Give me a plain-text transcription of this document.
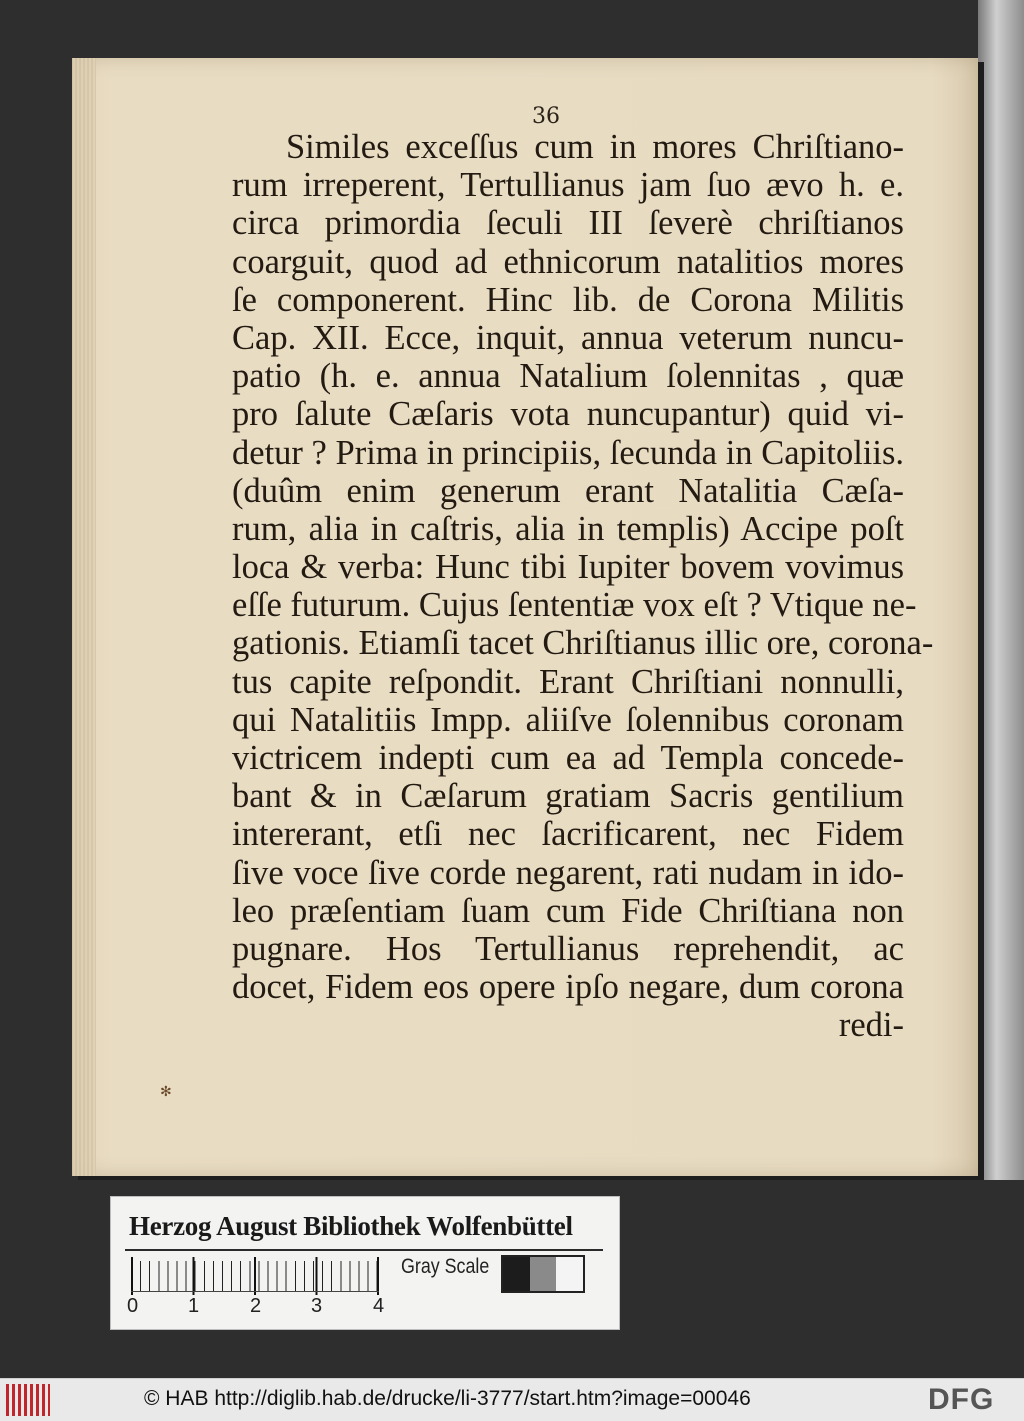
36
Similes exceſſus cum in mores Chriſtiano-
rum irreperent, Tertullianus jam ſuo ævo h. e.
circa primordia ſeculi III ſeverè chriſtianos
coarguit, quod ad ethnicorum natalitios mores
ſe componerent. Hinc lib. de Corona Militis
Cap. XII. Ecce, inquit, annua veterum nuncu-
patio (h. e. annua Natalium ſolennitas , quæ
pro ſalute Cæſaris vota nuncupantur) quid vi-
detur ? Prima in principiis, ſecunda in Capitoliis.
(duûm enim generum erant Natalitia Cæſa-
rum, alia in caſtris, alia in templis) Accipe poſt
loca & verba: Hunc tibi Iupiter bovem vovimus
eſſe futurum. Cujus ſententiæ vox eſt ? Vtique ne-
gationis. Etiamſi tacet Chriſtianus illic ore, corona-
tus capite reſpondit. Erant Chriſtiani nonnulli,
qui Natalitiis Impp. aliiſve ſolennibus coronam
victricem indepti cum ea ad Templa concede-
bant & in Cæſarum gratiam Sacris gentilium
intererant, etſi nec ſacrificarent, nec Fidem
ſive voce ſive corde negarent, rati nudam in ido-
leo præſentiam ſuam cum Fide Chriſtiana non
pugnare. Hos Tertullianus reprehendit, ac
docet, Fidem eos opere ipſo negare, dum corona
redi-
✻
Herzog August Bibliothek Wolfenbüttel
0 1	2 3	4
Gray Scale
© HAB http://diglib.hab.de/drucke/li-3777/start.htm?image=00046	DFG
